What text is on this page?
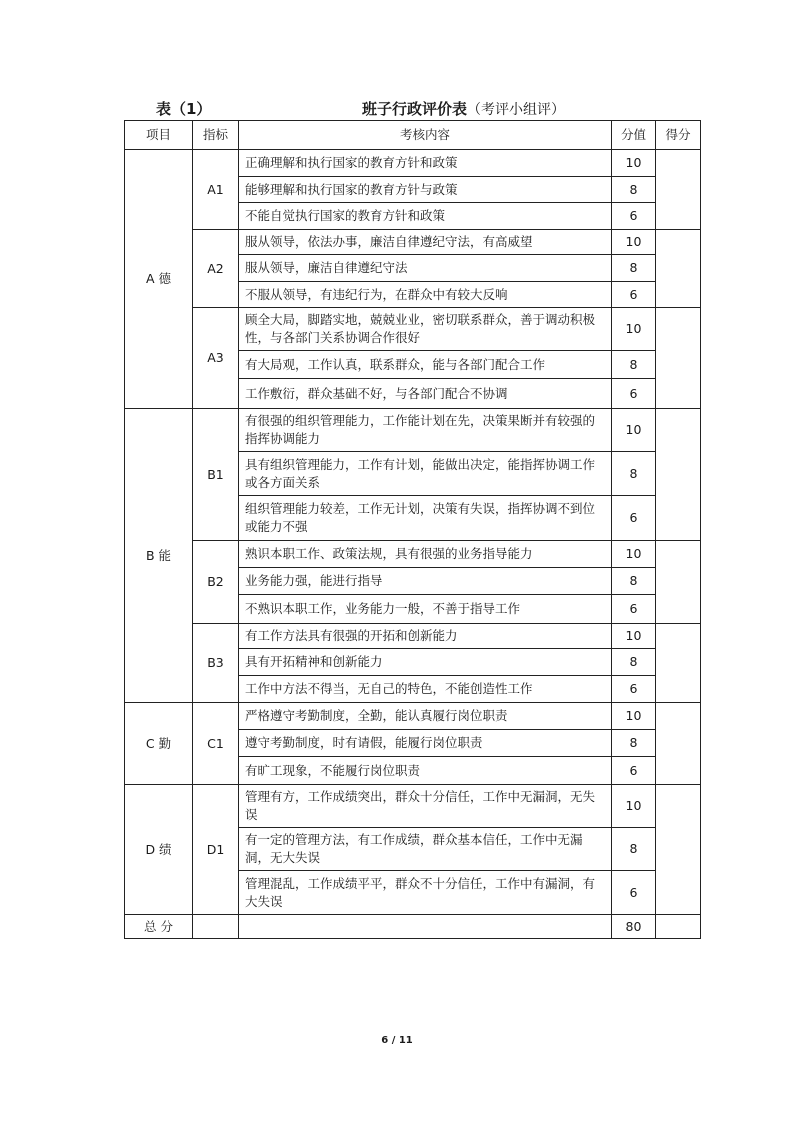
表（1）	班子行政评价表（考评小组评）
项目	指标	考核内容	分值	得分
A 德	A1	正确理解和执行国家的教育方针和政策	10	
		能够理解和执行国家的教育方针与政策	8	
		不能自觉执行国家的教育方针和政策	6	
	A2	服从领导，依法办事，廉洁自律遵纪守法，有高威望	10	
		服从领导，廉洁自律遵纪守法	8	
		不服从领导，有违纪行为，在群众中有较大反响	6	
	A3	顾全大局，脚踏实地，兢兢业业，密切联系群众，善于调动积极性，与各部门关系协调合作很好	10	
		有大局观，工作认真，联系群众，能与各部门配合工作	8	
		工作敷衍，群众基础不好，与各部门配合不协调	6	
B 能	B1	有很强的组织管理能力，工作能计划在先，决策果断并有较强的指挥协调能力	10	
		具有组织管理能力，工作有计划，能做出决定，能指挥协调工作或各方面关系	8	
		组织管理能力较差，工作无计划，决策有失误，指挥协调不到位或能力不强	6	
	B2	熟识本职工作、政策法规，具有很强的业务指导能力	10	
		业务能力强，能进行指导	8	
		不熟识本职工作，业务能力一般，不善于指导工作	6	
	B3	有工作方法具有很强的开拓和创新能力	10	
		具有开拓精神和创新能力	8	
		工作中方法不得当，无自己的特色，不能创造性工作	6	
C 勤	C1	严格遵守考勤制度，全勤，能认真履行岗位职责	10	
		遵守考勤制度，时有请假，能履行岗位职责	8	
		有旷工现象，不能履行岗位职责	6	
D 绩	D1	管理有方，工作成绩突出，群众十分信任，工作中无漏洞，无失误	10	
		有一定的管理方法，有工作成绩，群众基本信任，工作中无漏洞，无大失误	8	
		管理混乱，工作成绩平平，群众不十分信任，工作中有漏洞，有大失误	6	
总 分			80	
6 / 11
